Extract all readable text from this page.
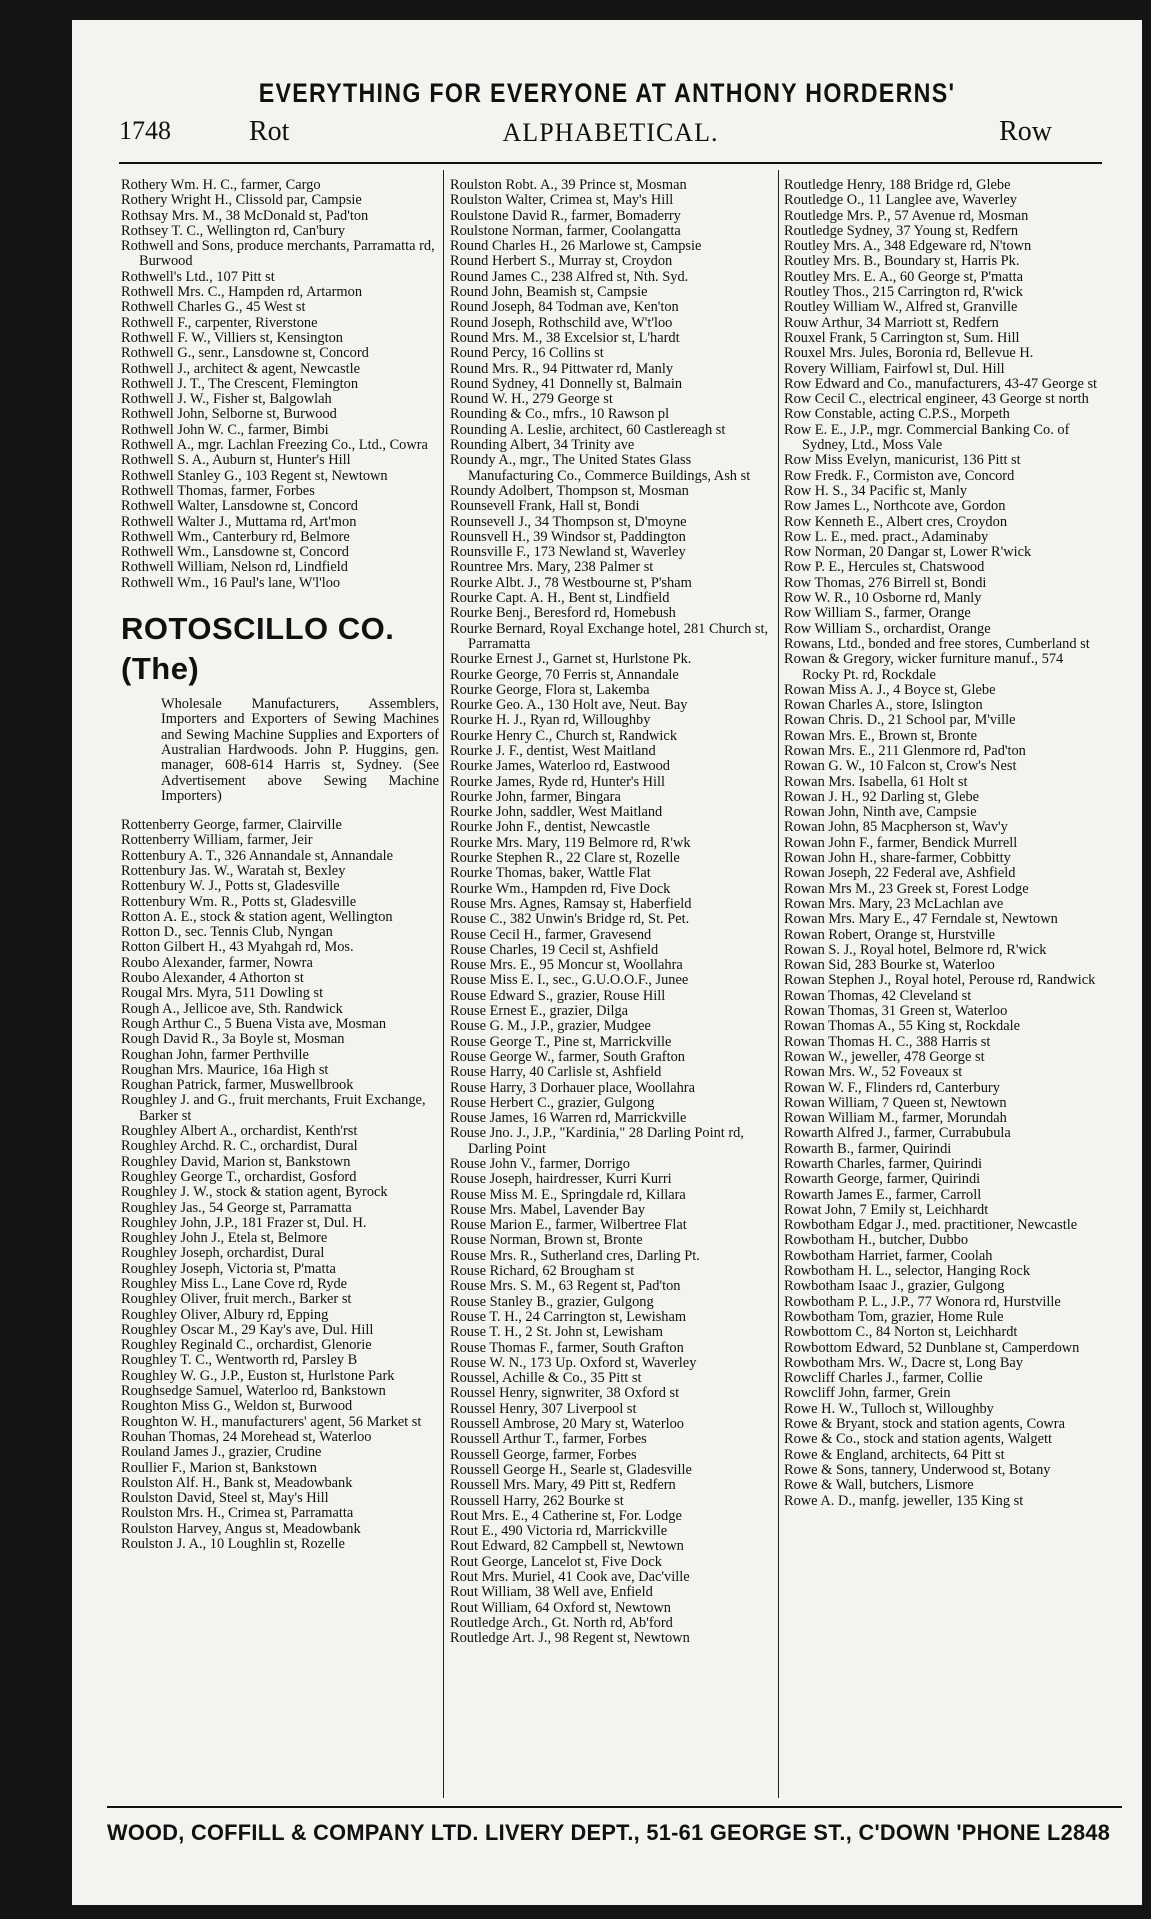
EVERYTHING FOR EVERYONE AT ANTHONY HORDERNS'
1748	Rot	ALPHABETICAL.	Row
Rothery Wm. H. C., farmer, Cargo
Rothery Wright H., Clissold par, Campsie
Rothsay Mrs. M., 38 McDonald st, Pad'ton
Rothsey T. C., Wellington rd, Can'bury
Rothwell and Sons, produce merchants, Parramatta rd, Burwood
Rothwell's Ltd., 107 Pitt st
Rothwell Mrs. C., Hampden rd, Artarmon
Rothwell Charles G., 45 West st
Rothwell F., carpenter, Riverstone
Rothwell F. W., Villiers st, Kensington
Rothwell G., senr., Lansdowne st, Concord
Rothwell J., architect & agent, Newcastle
Rothwell J. T., The Crescent, Flemington
Rothwell J. W., Fisher st, Balgowlah
Rothwell John, Selborne st, Burwood
Rothwell John W. C., farmer, Bimbi
Rothwell A., mgr. Lachlan Freezing Co., Ltd., Cowra
Rothwell S. A., Auburn st, Hunter's Hill
Rothwell Stanley G., 103 Regent st, Newtown
Rothwell Thomas, farmer, Forbes
Rothwell Walter, Lansdowne st, Concord
Rothwell Walter J., Muttama rd, Art'mon
Rothwell Wm., Canterbury rd, Belmore
Rothwell Wm., Lansdowne st, Concord
Rothwell William, Nelson rd, Lindfield
Rothwell Wm., 16 Paul's lane, W'l'loo
ROTOSCILLO CO. (The)
Wholesale Manufacturers, Assemblers, Importers and Exporters of Sewing Machines and Sewing Machine Supplies and Exporters of Australian Hardwoods. John P. Huggins, gen. manager, 608-614 Harris st, Sydney. (See Advertisement above Sewing Machine Importers)
Rottenberry George, farmer, Clairville
Rottenberry William, farmer, Jeir
Rottenbury A. T., 326 Annandale st, Annandale
Rottenbury Jas. W., Waratah st, Bexley
Rottenbury W. J., Potts st, Gladesville
Rottenbury Wm. R., Potts st, Gladesville
Rotton A. E., stock & station agent, Wellington
Rotton D., sec. Tennis Club, Nyngan
Rotton Gilbert H., 43 Myahgah rd, Mos.
Roubo Alexander, farmer, Nowra
Roubo Alexander, 4 Athorton st
Rougal Mrs. Myra, 511 Dowling st
Rough A., Jellicoe ave, Sth. Randwick
Rough Arthur C., 5 Buena Vista ave, Mosman
Rough David R., 3a Boyle st, Mosman
Roughan John, farmer Perthville
Roughan Mrs. Maurice, 16a High st
Roughan Patrick, farmer, Muswellbrook
Roughley J. and G., fruit merchants, Fruit Exchange, Barker st
Roughley Albert A., orchardist, Kenth'rst
Roughley Archd. R. C., orchardist, Dural
Roughley David, Marion st, Bankstown
Roughley George T., orchardist, Gosford
Roughley J. W., stock & station agent, Byrock
Roughley Jas., 54 George st, Parramatta
Roughley John, J.P., 181 Frazer st, Dul. H.
Roughley John J., Etela st, Belmore
Roughley Joseph, orchardist, Dural
Roughley Joseph, Victoria st, P'matta
Roughley Miss L., Lane Cove rd, Ryde
Roughley Oliver, fruit merch., Barker st
Roughley Oliver, Albury rd, Epping
Roughley Oscar M., 29 Kay's ave, Dul. Hill
Roughley Reginald C., orchardist, Glenorie
Roughley T. C., Wentworth rd, Parsley B
Roughley W. G., J.P., Euston st, Hurlstone Park
Roughsedge Samuel, Waterloo rd, Bankstown
Roughton Miss G., Weldon st, Burwood
Roughton W. H., manufacturers' agent, 56 Market st
Rouhan Thomas, 24 Morehead st, Waterloo
Rouland James J., grazier, Crudine
Roullier F., Marion st, Bankstown
Roulston Alf. H., Bank st, Meadowbank
Roulston David, Steel st, May's Hill
Roulston Mrs. H., Crimea st, Parramatta
Roulston Harvey, Angus st, Meadowbank
Roulston J. A., 10 Loughlin st, Rozelle
Roulston Robt. A., 39 Prince st, Mosman
Roulston Walter, Crimea st, May's Hill
Roulstone David R., farmer, Bomaderry
Roulstone Norman, farmer, Coolangatta
Round Charles H., 26 Marlowe st, Campsie
Round Herbert S., Murray st, Croydon
Round James C., 238 Alfred st, Nth. Syd.
Round John, Beamish st, Campsie
Round Joseph, 84 Todman ave, Ken'ton
Round Joseph, Rothschild ave, W't'loo
Round Mrs. M., 38 Excelsior st, L'hardt
Round Percy, 16 Collins st
Round Mrs. R., 94 Pittwater rd, Manly
Round Sydney, 41 Donnelly st, Balmain
Round W. H., 279 George st
Rounding & Co., mfrs., 10 Rawson pl
Rounding A. Leslie, architect, 60 Castlereagh st
Rounding Albert, 34 Trinity ave
Roundy A., mgr., The United States Glass Manufacturing Co., Commerce Buildings, Ash st
Roundy Adolbert, Thompson st, Mosman
Rounsevell Frank, Hall st, Bondi
Rounsevell J., 34 Thompson st, D'moyne
Rounsvell H., 39 Windsor st, Paddington
Rounsville F., 173 Newland st, Waverley
Rountree Mrs. Mary, 238 Palmer st
Rourke Albt. J., 78 Westbourne st, P'sham
Rourke Capt. A. H., Bent st, Lindfield
Rourke Benj., Beresford rd, Homebush
Rourke Bernard, Royal Exchange hotel, 281 Church st, Parramatta
Rourke Ernest J., Garnet st, Hurlstone Pk.
Rourke George, 70 Ferris st, Annandale
Rourke George, Flora st, Lakemba
Rourke Geo. A., 130 Holt ave, Neut. Bay
Rourke H. J., Ryan rd, Willoughby
Rourke Henry C., Church st, Randwick
Rourke J. F., dentist, West Maitland
Rourke James, Waterloo rd, Eastwood
Rourke James, Ryde rd, Hunter's Hill
Rourke John, farmer, Bingara
Rourke John, saddler, West Maitland
Rourke John F., dentist, Newcastle
Rourke Mrs. Mary, 119 Belmore rd, R'wk
Rourke Stephen R., 22 Clare st, Rozelle
Rourke Thomas, baker, Wattle Flat
Rourke Wm., Hampden rd, Five Dock
Rouse Mrs. Agnes, Ramsay st, Haberfield
Rouse C., 382 Unwin's Bridge rd, St. Pet.
Rouse Cecil H., farmer, Gravesend
Rouse Charles, 19 Cecil st, Ashfield
Rouse Mrs. E., 95 Moncur st, Woollahra
Rouse Miss E. I., sec., G.U.O.O.F., Junee
Rouse Edward S., grazier, Rouse Hill
Rouse Ernest E., grazier, Dilga
Rouse G. M., J.P., grazier, Mudgee
Rouse George T., Pine st, Marrickville
Rouse George W., farmer, South Grafton
Rouse Harry, 40 Carlisle st, Ashfield
Rouse Harry, 3 Dorhauer place, Woollahra
Rouse Herbert C., grazier, Gulgong
Rouse James, 16 Warren rd, Marrickville
Rouse Jno. J., J.P., "Kardinia," 28 Darling Point rd, Darling Point
Rouse John V., farmer, Dorrigo
Rouse Joseph, hairdresser, Kurri Kurri
Rouse Miss M. E., Springdale rd, Killara
Rouse Mrs. Mabel, Lavender Bay
Rouse Marion E., farmer, Wilbertree Flat
Rouse Norman, Brown st, Bronte
Rouse Mrs. R., Sutherland cres, Darling Pt.
Rouse Richard, 62 Brougham st
Rouse Mrs. S. M., 63 Regent st, Pad'ton
Rouse Stanley B., grazier, Gulgong
Rouse T. H., 24 Carrington st, Lewisham
Rouse T. H., 2 St. John st, Lewisham
Rouse Thomas F., farmer, South Grafton
Rouse W. N., 173 Up. Oxford st, Waverley
Roussel, Achille & Co., 35 Pitt st
Roussel Henry, signwriter, 38 Oxford st
Roussel Henry, 307 Liverpool st
Roussell Ambrose, 20 Mary st, Waterloo
Roussell Arthur T., farmer, Forbes
Roussell George, farmer, Forbes
Roussell George H., Searle st, Gladesville
Roussell Mrs. Mary, 49 Pitt st, Redfern
Roussell Harry, 262 Bourke st
Rout Mrs. E., 4 Catherine st, For. Lodge
Rout E., 490 Victoria rd, Marrickville
Rout Edward, 82 Campbell st, Newtown
Rout George, Lancelot st, Five Dock
Rout Mrs. Muriel, 41 Cook ave, Dac'ville
Rout William, 38 Well ave, Enfield
Rout William, 64 Oxford st, Newtown
Routledge Arch., Gt. North rd, Ab'ford
Routledge Art. J., 98 Regent st, Newtown
Routledge Henry, 188 Bridge rd, Glebe
Routledge O., 11 Langlee ave, Waverley
Routledge Mrs. P., 57 Avenue rd, Mosman
Routledge Sydney, 37 Young st, Redfern
Routley Mrs. A., 348 Edgeware rd, N'town
Routley Mrs. B., Boundary st, Harris Pk.
Routley Mrs. E. A., 60 George st, P'matta
Routley Thos., 215 Carrington rd, R'wick
Routley William W., Alfred st, Granville
Rouw Arthur, 34 Marriott st, Redfern
Rouxel Frank, 5 Carrington st, Sum. Hill
Rouxel Mrs. Jules, Boronia rd, Bellevue H.
Rovery William, Fairfowl st, Dul. Hill
Row Edward and Co., manufacturers, 43-47 George st
Row Cecil C., electrical engineer, 43 George st north
Row Constable, acting C.P.S., Morpeth
Row E. E., J.P., mgr. Commercial Banking Co. of Sydney, Ltd., Moss Vale
Row Miss Evelyn, manicurist, 136 Pitt st
Row Fredk. F., Cormiston ave, Concord
Row H. S., 34 Pacific st, Manly
Row James L., Northcote ave, Gordon
Row Kenneth E., Albert cres, Croydon
Row L. E., med. pract., Adaminaby
Row Norman, 20 Dangar st, Lower R'wick
Row P. E., Hercules st, Chatswood
Row Thomas, 276 Birrell st, Bondi
Row W. R., 10 Osborne rd, Manly
Row William S., farmer, Orange
Row William S., orchardist, Orange
Rowans, Ltd., bonded and free stores, Cumberland st
Rowan & Gregory, wicker furniture manuf., 574 Rocky Pt. rd, Rockdale
Rowan Miss A. J., 4 Boyce st, Glebe
Rowan Charles A., store, Islington
Rowan Chris. D., 21 School par, M'ville
Rowan Mrs. E., Brown st, Bronte
Rowan Mrs. E., 211 Glenmore rd, Pad'ton
Rowan G. W., 10 Falcon st, Crow's Nest
Rowan Mrs. Isabella, 61 Holt st
Rowan J. H., 92 Darling st, Glebe
Rowan John, Ninth ave, Campsie
Rowan John, 85 Macpherson st, Wav'y
Rowan John F., farmer, Bendick Murrell
Rowan John H., share-farmer, Cobbitty
Rowan Joseph, 22 Federal ave, Ashfield
Rowan Mrs M., 23 Greek st, Forest Lodge
Rowan Mrs. Mary, 23 McLachlan ave
Rowan Mrs. Mary E., 47 Ferndale st, Newtown
Rowan Robert, Orange st, Hurstville
Rowan S. J., Royal hotel, Belmore rd, R'wick
Rowan Sid, 283 Bourke st, Waterloo
Rowan Stephen J., Royal hotel, Perouse rd, Randwick
Rowan Thomas, 42 Cleveland st
Rowan Thomas, 31 Green st, Waterloo
Rowan Thomas A., 55 King st, Rockdale
Rowan Thomas H. C., 388 Harris st
Rowan W., jeweller, 478 George st
Rowan Mrs. W., 52 Foveaux st
Rowan W. F., Flinders rd, Canterbury
Rowan William, 7 Queen st, Newtown
Rowan William M., farmer, Morundah
Rowarth Alfred J., farmer, Currabubula
Rowarth B., farmer, Quirindi
Rowarth Charles, farmer, Quirindi
Rowarth George, farmer, Quirindi
Rowarth James E., farmer, Carroll
Rowat John, 7 Emily st, Leichhardt
Rowbotham Edgar J., med. practitioner, Newcastle
Rowbotham H., butcher, Dubbo
Rowbotham Harriet, farmer, Coolah
Rowbotham H. L., selector, Hanging Rock
Rowbotham Isaac J., grazier, Gulgong
Rowbotham P. L., J.P., 77 Wonora rd, Hurstville
Rowbotham Tom, grazier, Home Rule
Rowbottom C., 84 Norton st, Leichhardt
Rowbottom Edward, 52 Dunblane st, Camperdown
Rowbotham Mrs. W., Dacre st, Long Bay
Rowcliff Charles J., farmer, Collie
Rowcliff John, farmer, Grein
Rowe H. W., Tulloch st, Willoughby
Rowe & Bryant, stock and station agents, Cowra
Rowe & Co., stock and station agents, Walgett
Rowe & England, architects, 64 Pitt st
Rowe & Sons, tannery, Underwood st, Botany
Rowe & Wall, butchers, Lismore
Rowe A. D., manfg. jeweller, 135 King st
WOOD, COFFILL & COMPANY LTD. LIVERY DEPT., 51-61 GEORGE ST., C'DOWN 'PHONE L2848
